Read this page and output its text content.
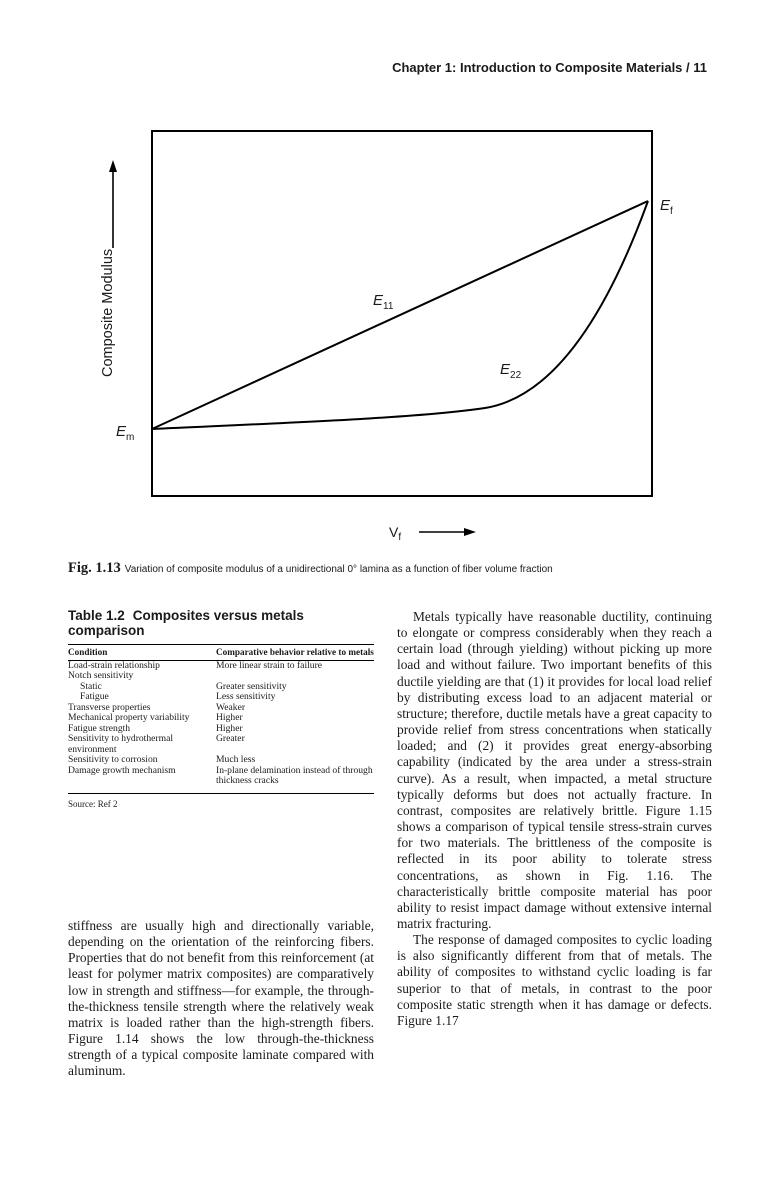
Chapter 1: Introduction to Composite Materials / 11
Composite Modulus
$V_f$
$E_m$
$E_f$
$E_{11}$
$E_{22}$
Fig. 1.13 Variation of composite modulus of a unidirectional 0° lamina as a function of fiber volume fraction
Table 1.2 Composites versus metals comparison
Condition	Comparative behavior relative to metals
Load-strain relationship	More linear strain to failure
Notch sensitivity	
Static	Greater sensitivity
Fatigue	Less sensitivity
Transverse properties	Weaker
Mechanical property variability	Higher
Fatigue strength	Higher
Sensitivity to hydrothermal environment	Greater
Sensitivity to corrosion	Much less
Damage growth mechanism	In-plane delamination instead of through thickness cracks
Source: Ref 2

Metals typically have reasonable ductility, continuing to elongate or compress considerably when they reach a certain load (through yielding) without picking up more load and without failure. Two important benefits of this ductile yielding are that (1) it provides for local load relief by distributing excess load to an adjacent material or structure; therefore, ductile metals have a great capacity to provide relief from stress concentrations when statically loaded; and (2) it provides great energy-absorbing capability (indicated by the area under a stress-strain curve). As a result, when impacted, a metal structure typically deforms but does not actually fracture. In contrast, composites are relatively brittle. Figure 1.15 shows a comparison of typical tensile stress-strain curves for two materials. The brittleness of the composite is reflected in its poor ability to tolerate stress concentrations, as shown in Fig. 1.16. The characteristically brittle composite material has poor ability to resist impact damage without extensive internal matrix fracturing.

The response of damaged composites to cyclic loading is also significantly different from that of metals. The ability of composites to withstand cyclic loading is far superior to that of metals, in contrast to the poor composite static strength when it has damage or defects. Figure 1.17

stiffness are usually high and directionally variable, depending on the orientation of the reinforcing fibers. Properties that do not benefit from this reinforcement (at least for polymer matrix composites) are comparatively low in strength and stiffness—for example, the through-the-thickness tensile strength where the relatively weak matrix is loaded rather than the high-strength fibers. Figure 1.14 shows the low through-the-thickness strength of a typical composite laminate compared with aluminum.
